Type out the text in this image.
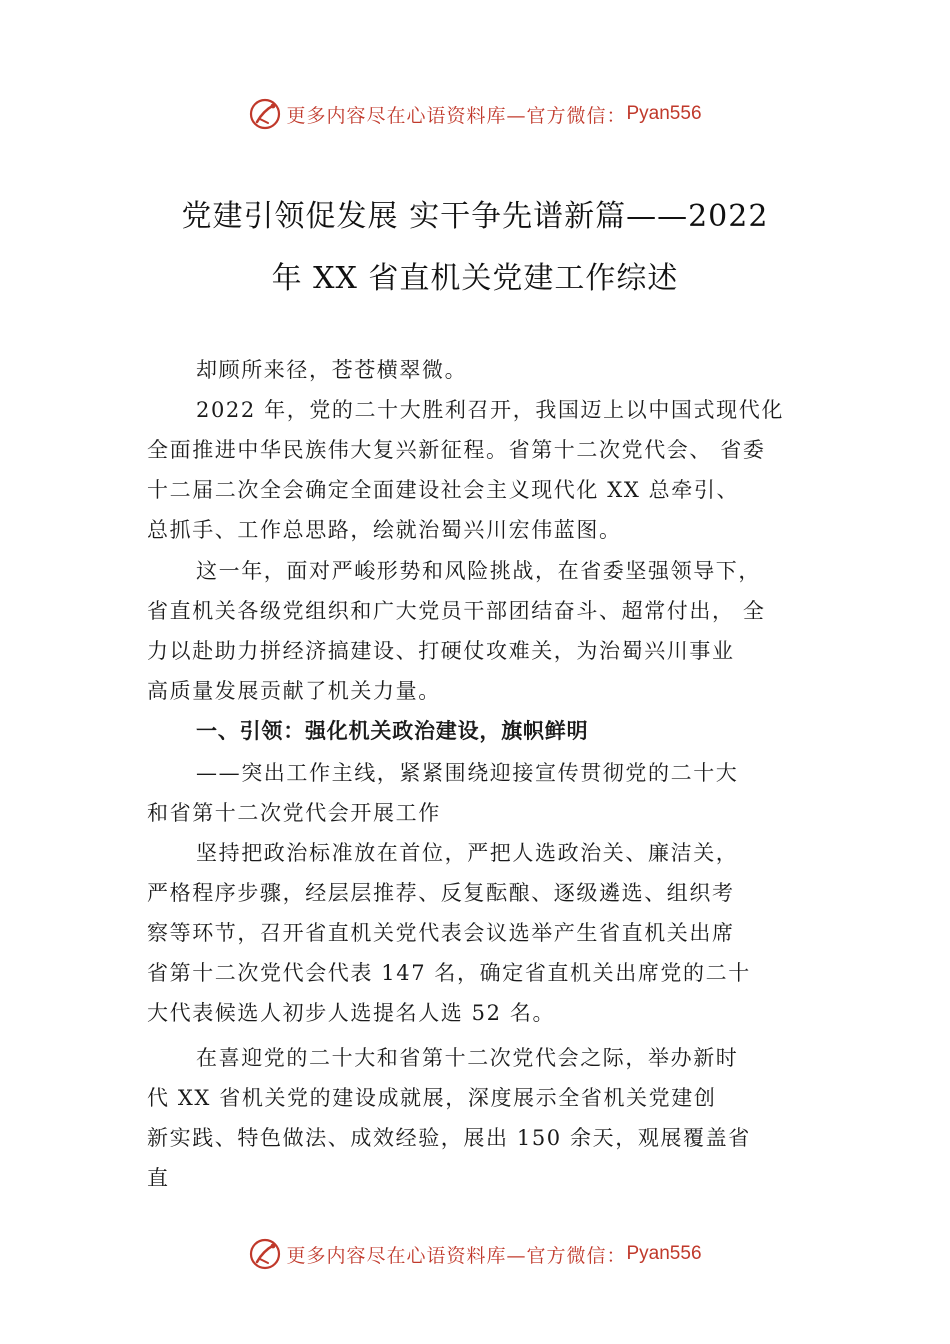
更多内容尽在心语资料库—官方微信： Pyan556
党建引领促发展 实干争先谱新篇——2022
年 XX 省直机关党建工作综述
却顾所来径，苍苍横翠微。
2022 年，党的二十大胜利召开，我国迈上以中国式现代化
全面推进中华民族伟大复兴新征程。省第十二次党代会、 省委
十二届二次全会确定全面建设社会主义现代化 XX 总牵引、
总抓手、工作总思路，绘就治蜀兴川宏伟蓝图。
这一年，面对严峻形势和风险挑战，在省委坚强领导下，
省直机关各级党组织和广大党员干部团结奋斗、超常付出， 全
力以赴助力拼经济搞建设、打硬仗攻难关，为治蜀兴川事业
高质量发展贡献了机关力量。
一、引领：强化机关政治建设，旗帜鲜明
——突出工作主线，紧紧围绕迎接宣传贯彻党的二十大
和省第十二次党代会开展工作
坚持把政治标准放在首位，严把人选政治关、廉洁关，
严格程序步骤，经层层推荐、反复酝酿、逐级遴选、组织考
察等环节，召开省直机关党代表会议选举产生省直机关出席
省第十二次党代会代表 147 名，确定省直机关出席党的二十
大代表候选人初步人选提名人选 52 名。
在喜迎党的二十大和省第十二次党代会之际，举办新时
代 XX 省机关党的建设成就展，深度展示全省机关党建创
新实践、特色做法、成效经验，展出 150 余天，观展覆盖省
直
更多内容尽在心语资料库—官方微信： Pyan556
